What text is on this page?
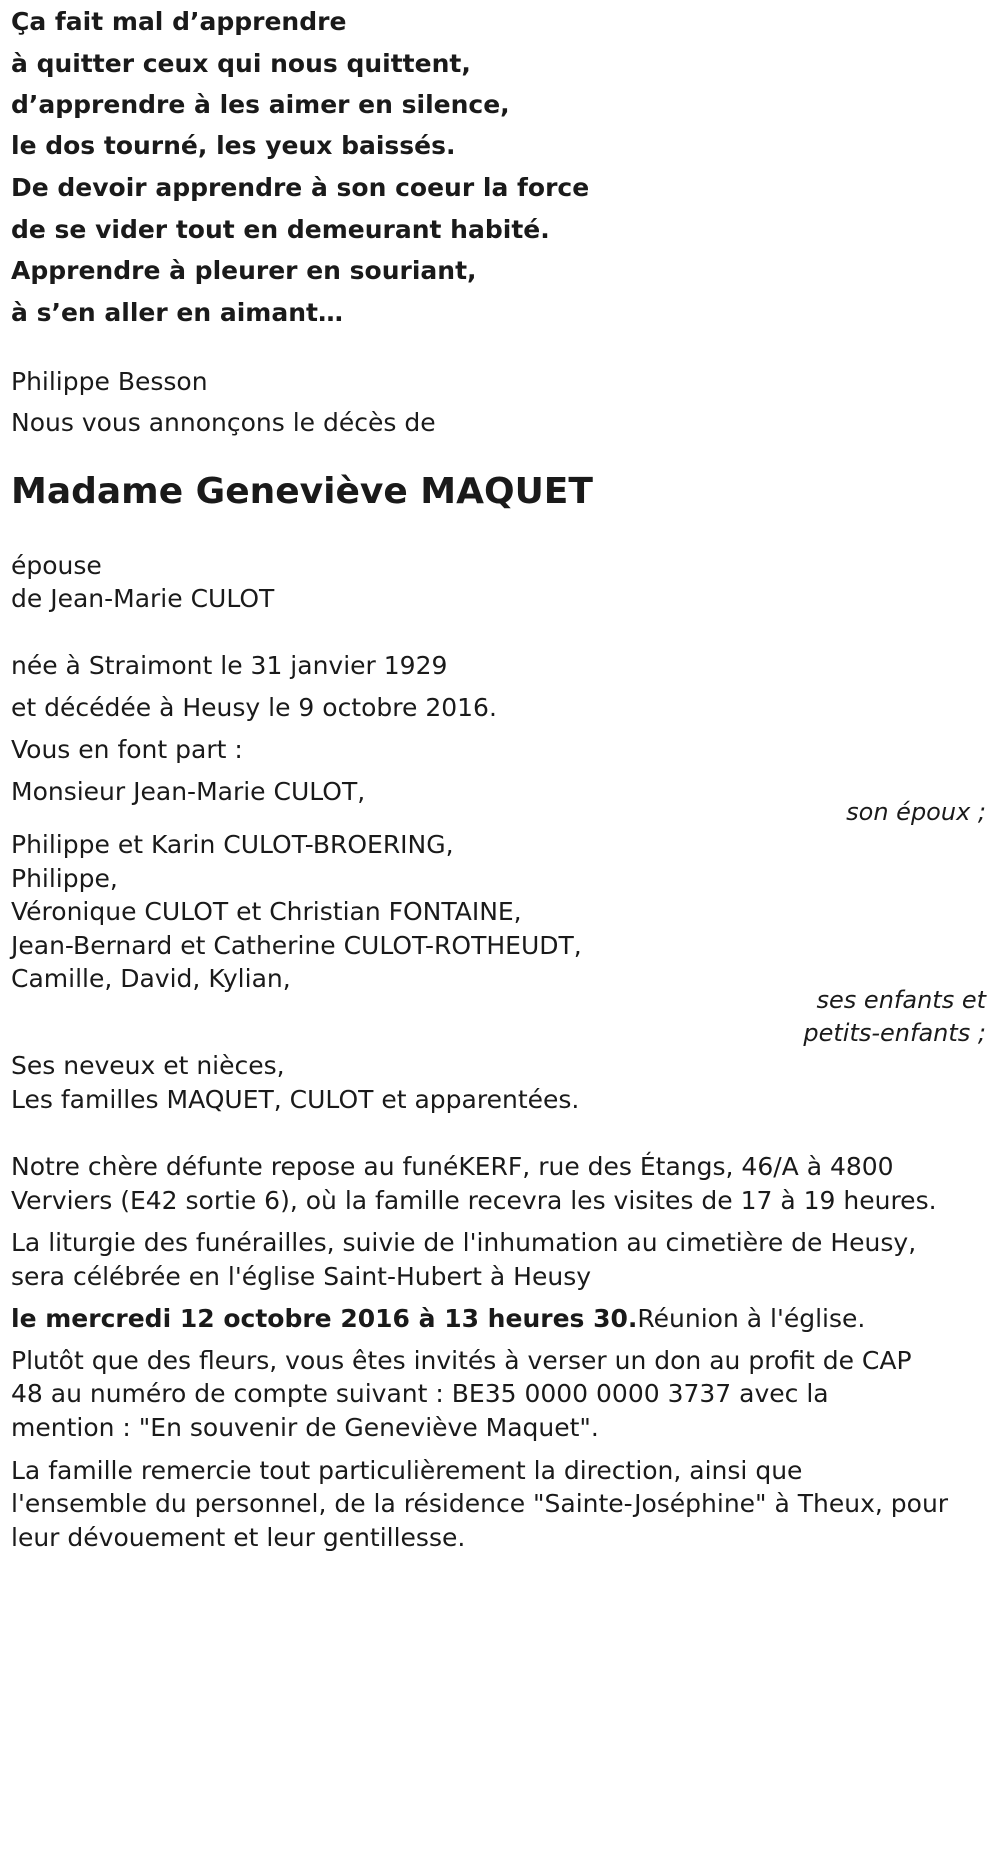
Ça fait mal d’apprendre
à quitter ceux qui nous quittent,
d’apprendre à les aimer en silence,
le dos tourné, les yeux baissés.
De devoir apprendre à son coeur la force
de se vider tout en demeurant habité.
Apprendre à pleurer en souriant,
à s’en aller en aimant…
Philippe Besson
Nous vous annonçons le décès de
Madame Geneviève MAQUET
épouse
de Jean-Marie CULOT
née à Straimont le 31 janvier 1929
et décédée à Heusy le 9 octobre 2016.
Vous en font part :
Monsieur Jean-Marie CULOT,
son époux ;
Philippe et Karin CULOT-BROERING,
Philippe,
Véronique CULOT et Christian FONTAINE,
Jean-Bernard et Catherine CULOT-ROTHEUDT,
Camille, David, Kylian,
ses enfants et
petits-enfants ;
Ses neveux et nièces,
Les familles MAQUET, CULOT et apparentées.
Notre chère défunte repose au funéKERF, rue des Étangs, 46/A à 4800
Verviers (E42 sortie 6), où la famille recevra les visites de 17 à 19 heures.
La liturgie des funérailles, suivie de l'inhumation au cimetière de Heusy,
sera célébrée en l'église Saint-Hubert à Heusy
le mercredi 12 octobre 2016 à 13 heures 30.Réunion à l'église.
Plutôt que des fleurs, vous êtes invités à verser un don au profit de CAP
48 au numéro de compte suivant : BE35 0000 0000 3737 avec la
mention : "En souvenir de Geneviève Maquet".
La famille remercie tout particulièrement la direction, ainsi que
l'ensemble du personnel, de la résidence "Sainte-Joséphine" à Theux, pour
leur dévouement et leur gentillesse.
